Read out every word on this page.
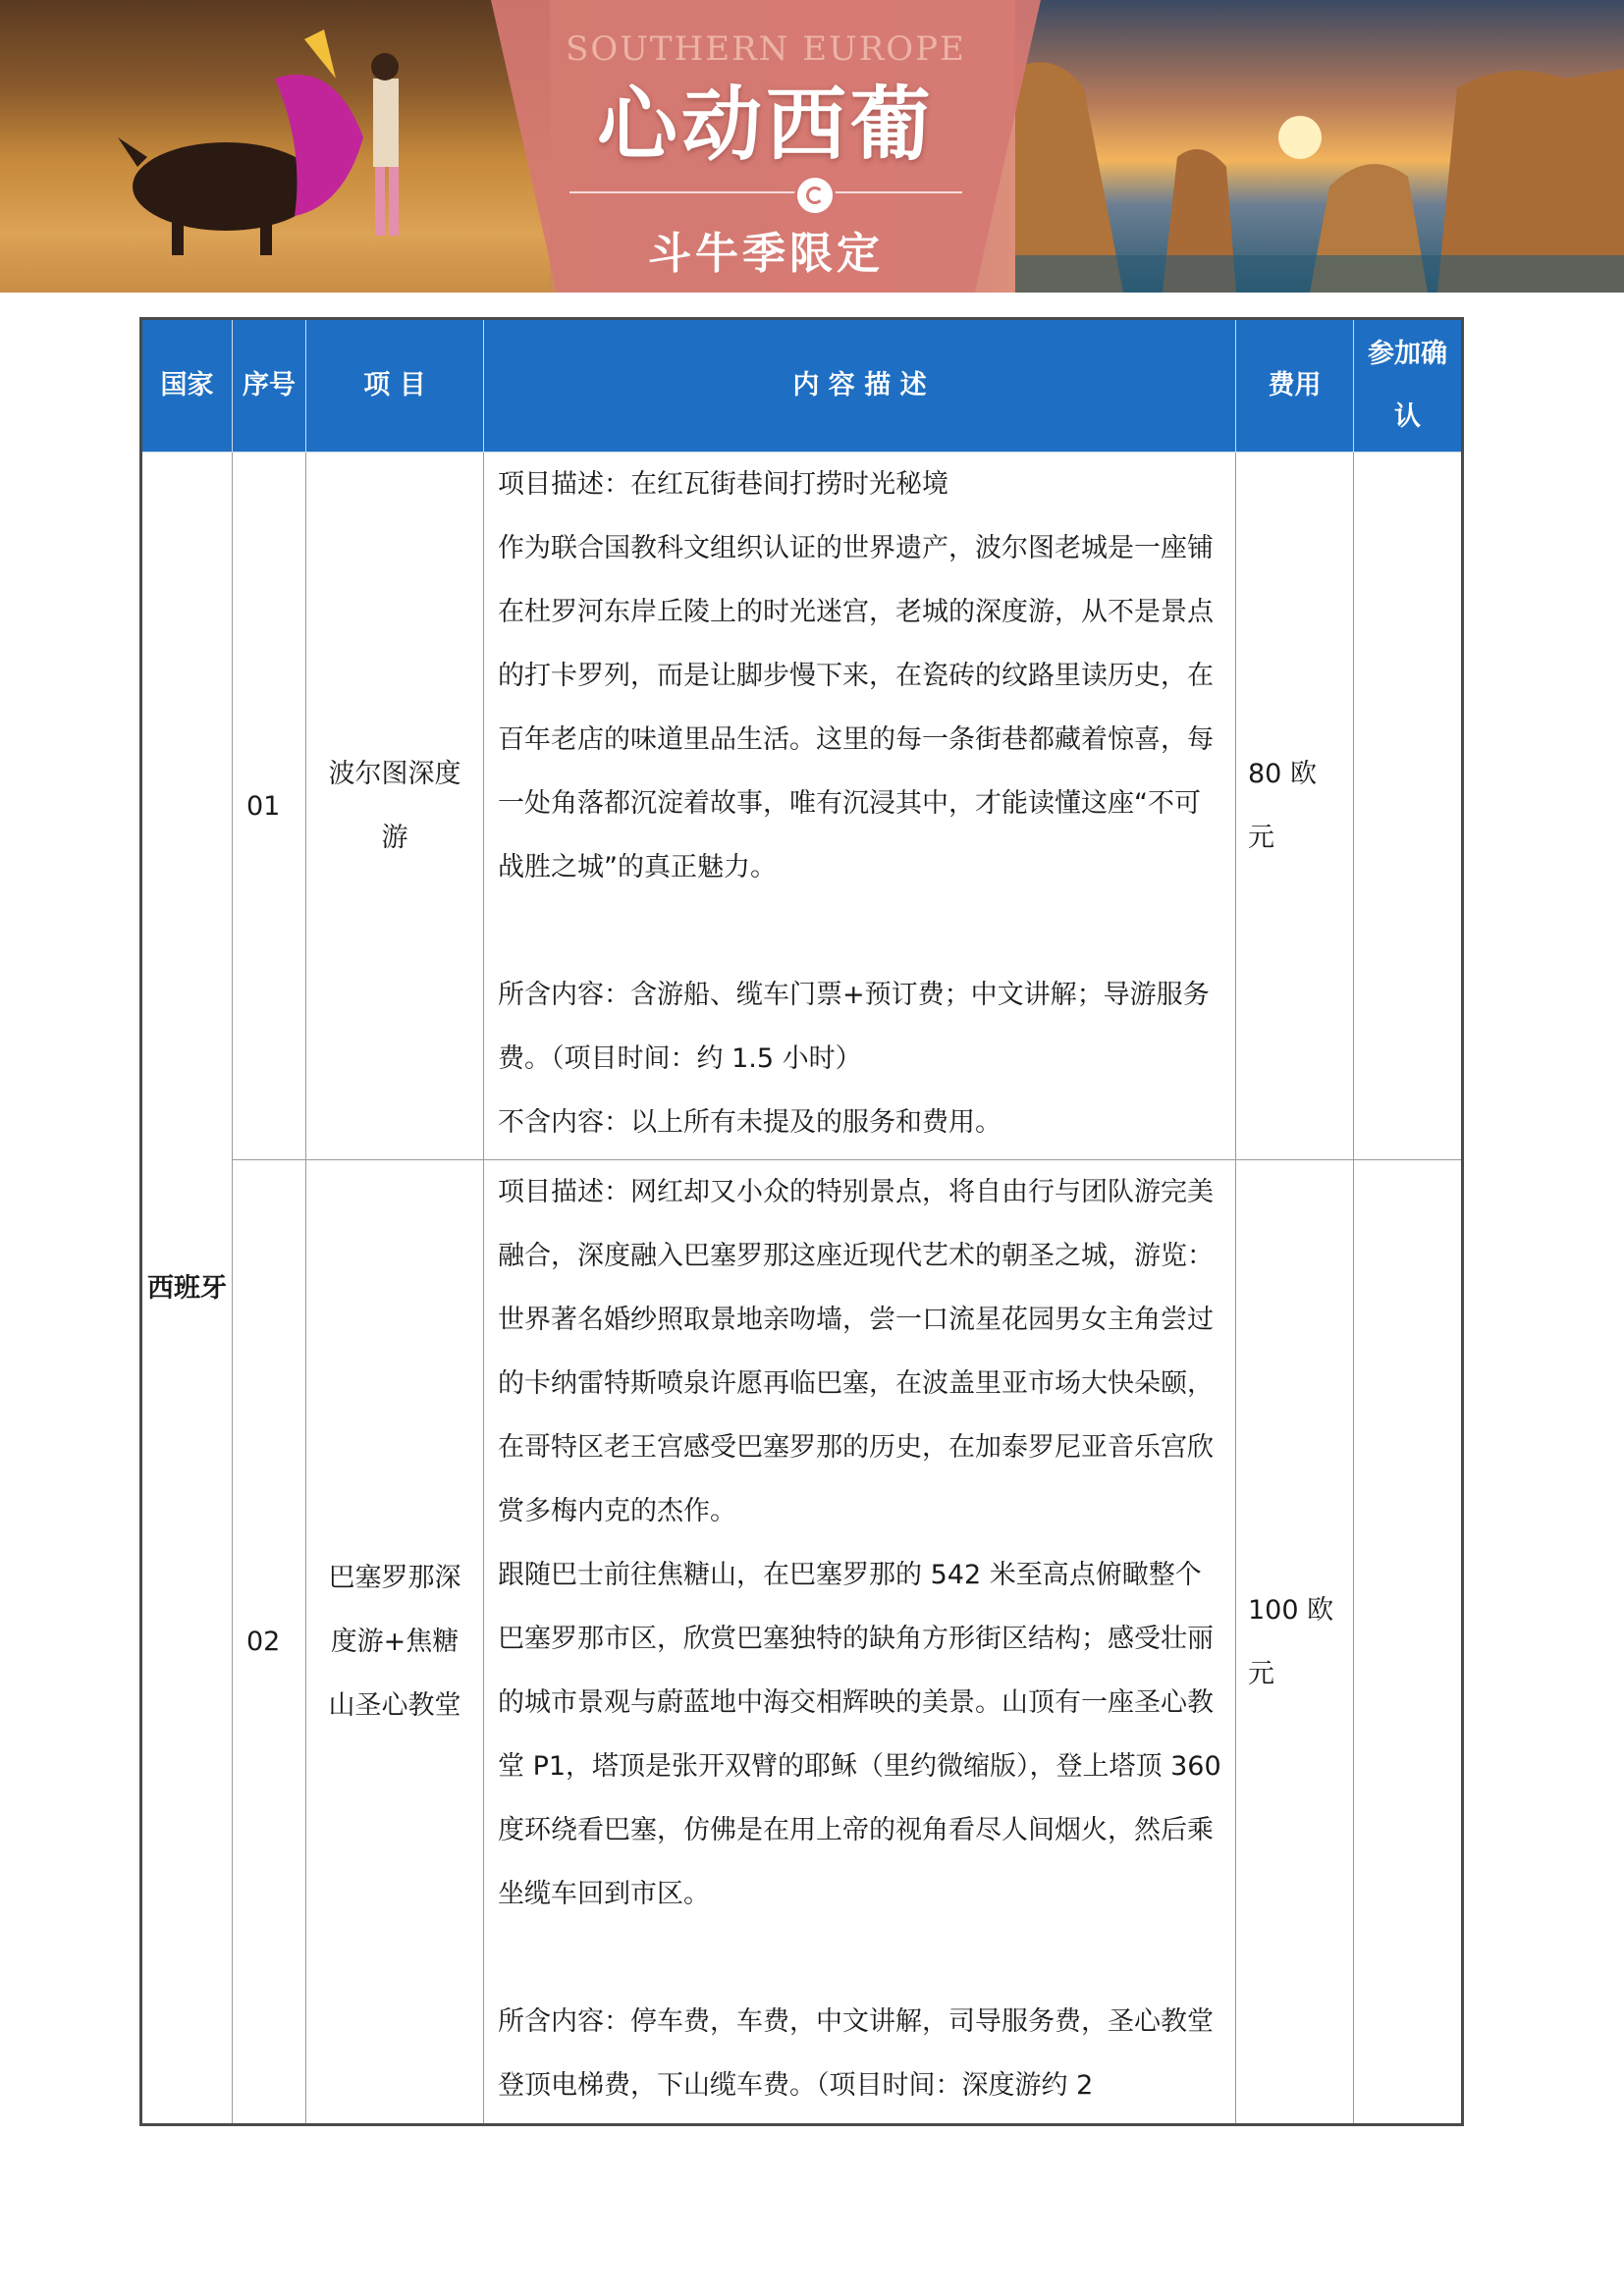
SOUTHERN EUROPE
心动西葡
斗牛季限定
国家	序号	项 目	内 容 描 述	费用	参加确认
西班牙	01	波尔图深度游	项目描述：在红瓦街巷间打捞时光秘境

作为联合国教科文组织认证的世界遗产，波尔图老城是一座铺在杜罗河东岸丘陵上的时光迷宫，老城的深度游，从不是景点的打卡罗列，而是让脚步慢下来，在瓷砖的纹路里读历史，在百年老店的味道里品生活。这里的每一条街巷都藏着惊喜，每一处角落都沉淀着故事，唯有沉浸其中，才能读懂这座“不可战胜之城”的真正魅力。

所含内容：含游船、缆车门票+预订费；中文讲解；导游服务费。（项目时间：约 1.5 小时）

不含内容：以上所有未提及的服务和费用。	80 欧元	
	02	巴塞罗那深度游+焦糖山圣心教堂	项目描述：网红却又小众的特别景点，将自由行与团队游完美融合，深度融入巴塞罗那这座近现代艺术的朝圣之城，游览：世界著名婚纱照取景地亲吻墙，尝一口流星花园男女主角尝过的卡纳雷特斯喷泉许愿再临巴塞，在波盖里亚市场大快朵颐，在哥特区老王宫感受巴塞罗那的历史，在加泰罗尼亚音乐宫欣赏多梅内克的杰作。

跟随巴士前往焦糖山，在巴塞罗那的 542 米至高点俯瞰整个巴塞罗那市区，欣赏巴塞独特的缺角方形街区结构；感受壮丽的城市景观与蔚蓝地中海交相辉映的美景。山顶有一座圣心教堂 P1，塔顶是张开双臂的耶稣（里约微缩版），登上塔顶 360 度环绕看巴塞，仿佛是在用上帝的视角看尽人间烟火，然后乘坐缆车回到市区。

所含内容：停车费，车费，中文讲解，司导服务费，圣心教堂登顶电梯费，下山缆车费。（项目时间：深度游约 2	100 欧元	
